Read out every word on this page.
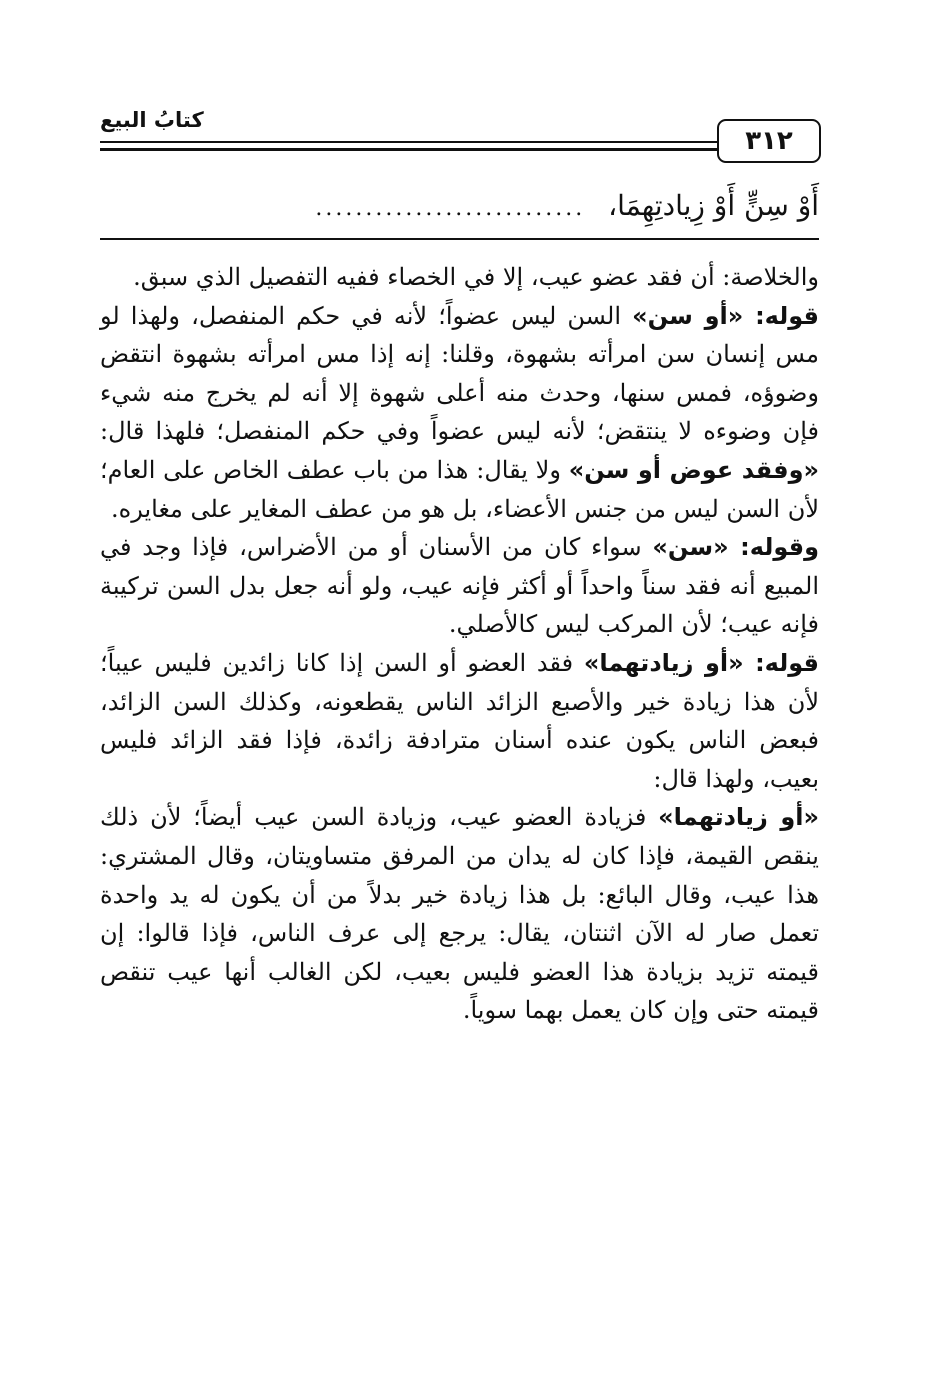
كتابُ البيع
٣١٢
أَوْ سِنٍّ أَوْ زِيادتِهِمَا، ...........................

والخلاصة: أن فقد عضو عيب، إلا في الخصاء ففيه التفصيل الذي سبق.

قوله: «أو سن» السن ليس عضواً؛ لأنه في حكم المنفصل، ولهذا لو مس إنسان سن امرأته بشهوة، وقلنا: إنه إذا مس امرأته بشهوة انتقض وضوؤه، فمس سنها، وحدث منه أعلى شهوة إلا أنه لم يخرج منه شيء فإن وضوءه لا ينتقض؛ لأنه ليس عضواً وفي حكم المنفصل؛ فلهذا قال: «وفقد عوض أو سن» ولا يقال: هذا من باب عطف الخاص على العام؛ لأن السن ليس من جنس الأعضاء، بل هو من عطف المغاير على مغايره.

وقوله: «سن» سواء كان من الأسنان أو من الأضراس، فإذا وجد في المبيع أنه فقد سناً واحداً أو أكثر فإنه عيب، ولو أنه جعل بدل السن تركيبة فإنه عيب؛ لأن المركب ليس كالأصلي.

قوله: «أو زيادتهما» فقد العضو أو السن إذا كانا زائدين فليس عيباً؛ لأن هذا زيادة خير والأصبع الزائد الناس يقطعونه، وكذلك السن الزائد، فبعض الناس يكون عنده أسنان مترادفة زائدة، فإذا فقد الزائد فليس بعيب، ولهذا قال:

«أو زيادتهما» فزيادة العضو عيب، وزيادة السن عيب أيضاً؛ لأن ذلك ينقص القيمة، فإذا كان له يدان من المرفق متساويتان، وقال المشتري: هذا عيب، وقال البائع: بل هذا زيادة خير بدلاً من أن يكون له يد واحدة تعمل صار له الآن اثنتان، يقال: يرجع إلى عرف الناس، فإذا قالوا: إن قيمته تزيد بزيادة هذا العضو فليس بعيب، لكن الغالب أنها عيب تنقص قيمته حتى وإن كان يعمل بهما سوياً.
